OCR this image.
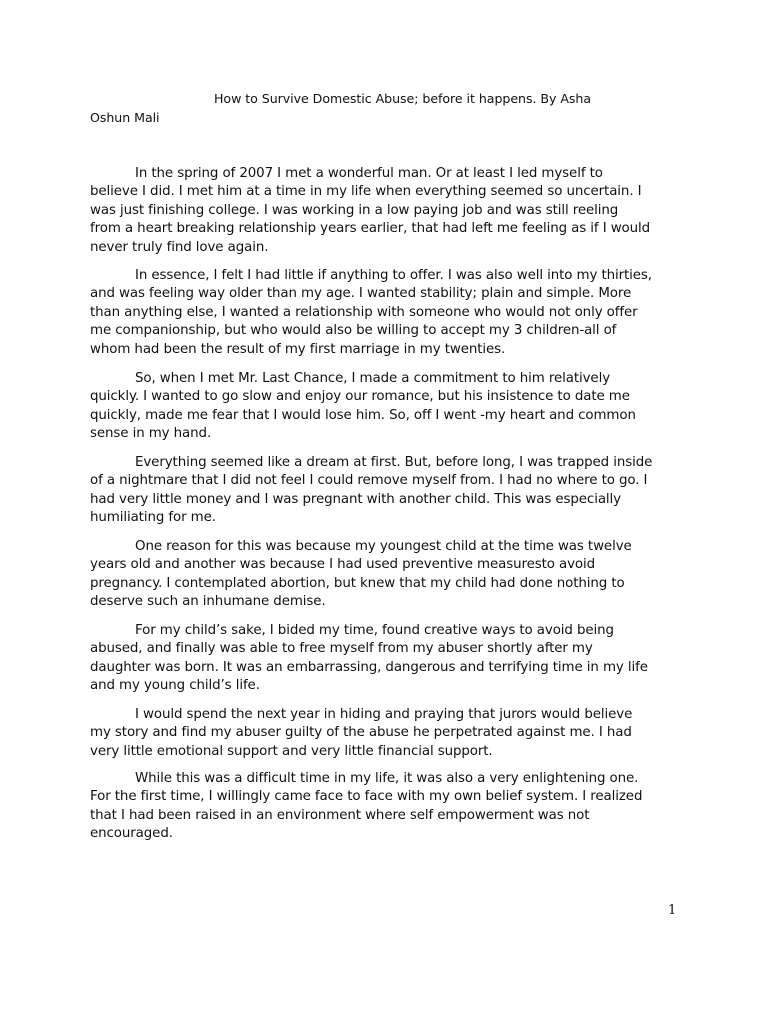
How to Survive Domestic Abuse; before it happens. By Asha
Oshun Mali
In the spring of 2007 I met a wonderful man. Or at least I led myself to
believe I did. I met him at a time in my life when everything seemed so uncertain. I
was just finishing college. I was working in a low paying job and was still reeling
from a heart breaking relationship years earlier, that had left me feeling as if I would
never truly find love again.
In essence, I felt I had little if anything to offer. I was also well into my thirties,
and was feeling way older than my age. I wanted stability; plain and simple. More
than anything else, I wanted a relationship with someone who would not only offer
me companionship, but who would also be willing to accept my 3 children-all of
whom had been the result of my first marriage in my twenties.
So, when I met Mr. Last Chance, I made a commitment to him relatively
quickly. I wanted to go slow and enjoy our romance, but his insistence to date me
quickly, made me fear that I would lose him. So, off I went -my heart and common
sense in my hand.
Everything seemed like a dream at first. But, before long, I was trapped inside
of a nightmare that I did not feel I could remove myself from. I had no where to go. I
had very little money and I was pregnant with another child. This was especially
humiliating for me.
One reason for this was because my youngest child at the time was twelve
years old and another was because I had used preventive measuresto avoid
pregnancy. I contemplated abortion, but knew that my child had done nothing to
deserve such an inhumane demise.
For my child’s sake, I bided my time, found creative ways to avoid being
abused, and finally was able to free myself from my abuser shortly after my
daughter was born. It was an embarrassing, dangerous and terrifying time in my life
and my young child’s life.
I would spend the next year in hiding and praying that jurors would believe
my story and find my abuser guilty of the abuse he perpetrated against me. I had
very little emotional support and very little financial support.
While this was a difficult time in my life, it was also a very enlightening one.
For the first time, I willingly came face to face with my own belief system. I realized
that I had been raised in an environment where self empowerment was not
encouraged.
1
